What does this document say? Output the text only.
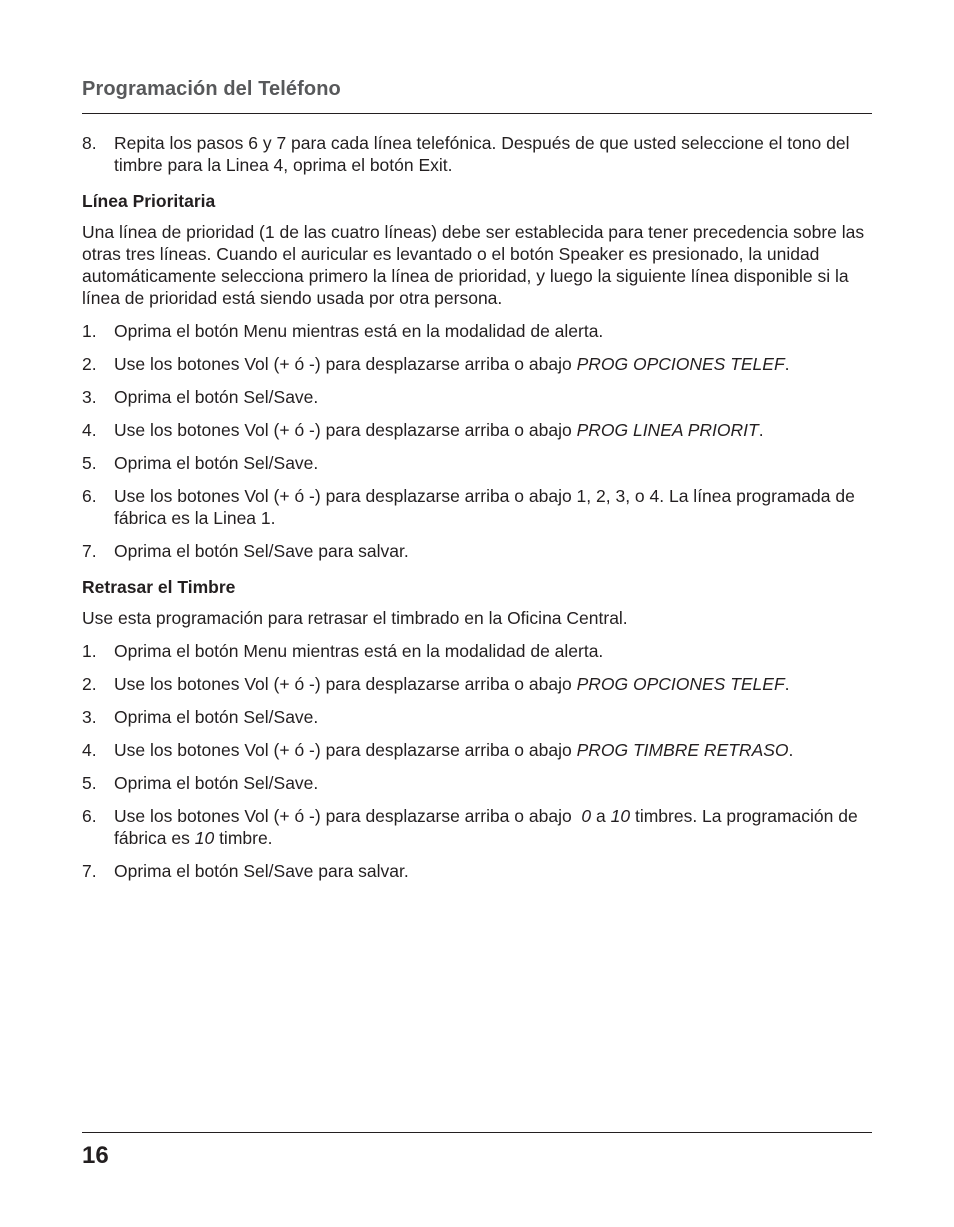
Programación del Teléfono
8. Repita los pasos 6 y 7 para cada línea telefónica. Después de que usted seleccione el tono del timbre para la Linea 4, oprima el botón Exit.
Línea Prioritaria
Una línea de prioridad (1 de las cuatro líneas) debe ser establecida para tener precedencia sobre las otras tres líneas. Cuando el auricular es levantado o el botón Speaker es presionado, la unidad automáticamente selecciona primero la línea de prioridad, y luego la siguiente línea disponible si la línea de prioridad está siendo usada por otra persona.
1. Oprima el botón Menu mientras está en la modalidad de alerta.
2. Use los botones Vol (+ ó -) para desplazarse arriba o abajo PROG OPCIONES TELEF.
3. Oprima el botón Sel/Save.
4. Use los botones Vol (+ ó -) para desplazarse arriba o abajo PROG LINEA PRIORIT.
5. Oprima el botón Sel/Save.
6. Use los botones Vol (+ ó -) para desplazarse arriba o abajo 1, 2, 3, o 4. La línea programada de fábrica es la Linea 1.
7. Oprima el botón Sel/Save para salvar.
Retrasar el Timbre
Use esta programación para retrasar el timbrado en la Oficina Central.
1. Oprima el botón Menu mientras está en la modalidad de alerta.
2. Use los botones Vol (+ ó -) para desplazarse arriba o abajo PROG OPCIONES TELEF.
3. Oprima el botón Sel/Save.
4. Use los botones Vol (+ ó -) para desplazarse arriba o abajo PROG TIMBRE RETRASO.
5. Oprima el botón Sel/Save.
6. Use los botones Vol (+ ó -) para desplazarse arriba o abajo  0 a 10 timbres. La programación de fábrica es 10 timbre.
7. Oprima el botón Sel/Save para salvar.
16
